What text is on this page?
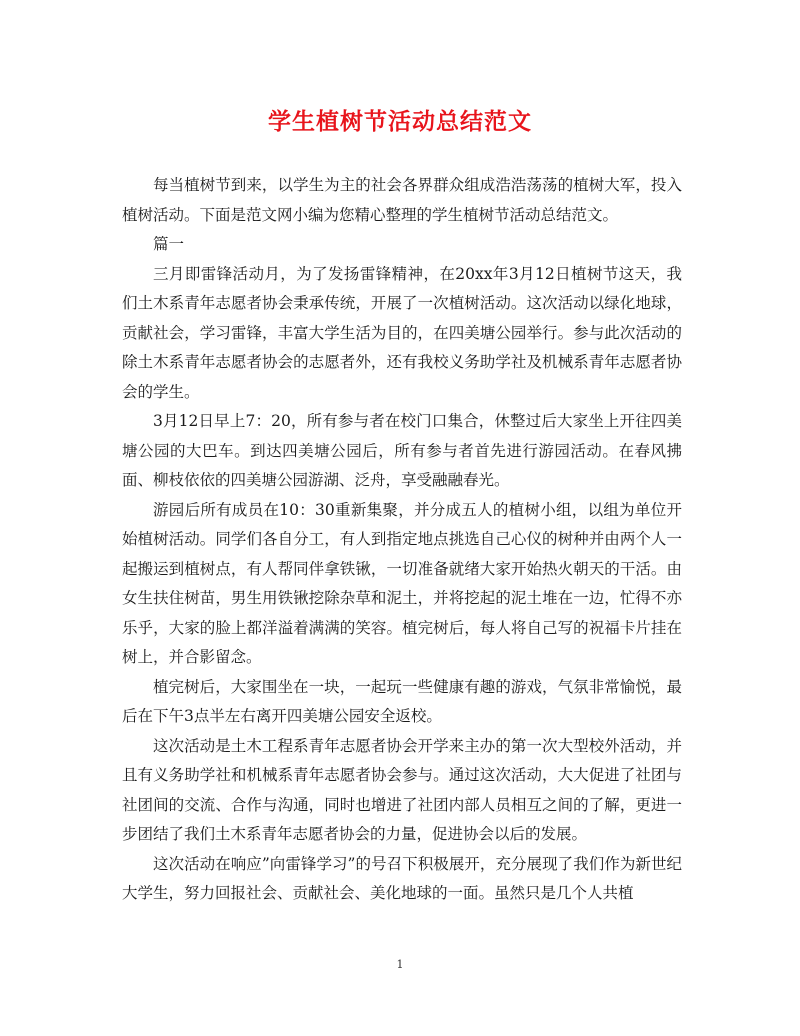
学生植树节活动总结范文

每当植树节到来，以学生为主的社会各界群众组成浩浩荡荡的植树大军，投入植树活动。下面是范文网小编为您精心整理的学生植树节活动总结范文。

篇一

三月即雷锋活动月，为了发扬雷锋精神，在20xx年3月12日植树节这天，我们土木系青年志愿者协会秉承传统，开展了一次植树活动。这次活动以绿化地球，贡献社会，学习雷锋，丰富大学生活为目的，在四美塘公园举行。参与此次活动的除土木系青年志愿者协会的志愿者外，还有我校义务助学社及机械系青年志愿者协会的学生。

3月12日早上7：20，所有参与者在校门口集合，休整过后大家坐上开往四美塘公园的大巴车。到达四美塘公园后，所有参与者首先进行游园活动。在春风拂面、柳枝依依的四美塘公园游湖、泛舟，享受融融春光。

游园后所有成员在10：30重新集聚，并分成五人的植树小组，以组为单位开始植树活动。同学们各自分工，有人到指定地点挑选自己心仪的树种并由两个人一起搬运到植树点，有人帮同伴拿铁锹，一切准备就绪大家开始热火朝天的干活。由女生扶住树苗，男生用铁锹挖除杂草和泥土，并将挖起的泥土堆在一边，忙得不亦乐乎，大家的脸上都洋溢着满满的笑容。植完树后，每人将自己写的祝福卡片挂在树上，并合影留念。

植完树后，大家围坐在一块，一起玩一些健康有趣的游戏，气氛非常愉悦，最后在下午3点半左右离开四美塘公园安全返校。

这次活动是土木工程系青年志愿者协会开学来主办的第一次大型校外活动，并且有义务助学社和机械系青年志愿者协会参与。通过这次活动，大大促进了社团与社团间的交流、合作与沟通，同时也增进了社团内部人员相互之间的了解，更进一步团结了我们土木系青年志愿者协会的力量，促进协会以后的发展。

这次活动在响应”向雷锋学习”的号召下积极展开，充分展现了我们作为新世纪大学生，努力回报社会、贡献社会、美化地球的一面。虽然只是几个人共植

1
